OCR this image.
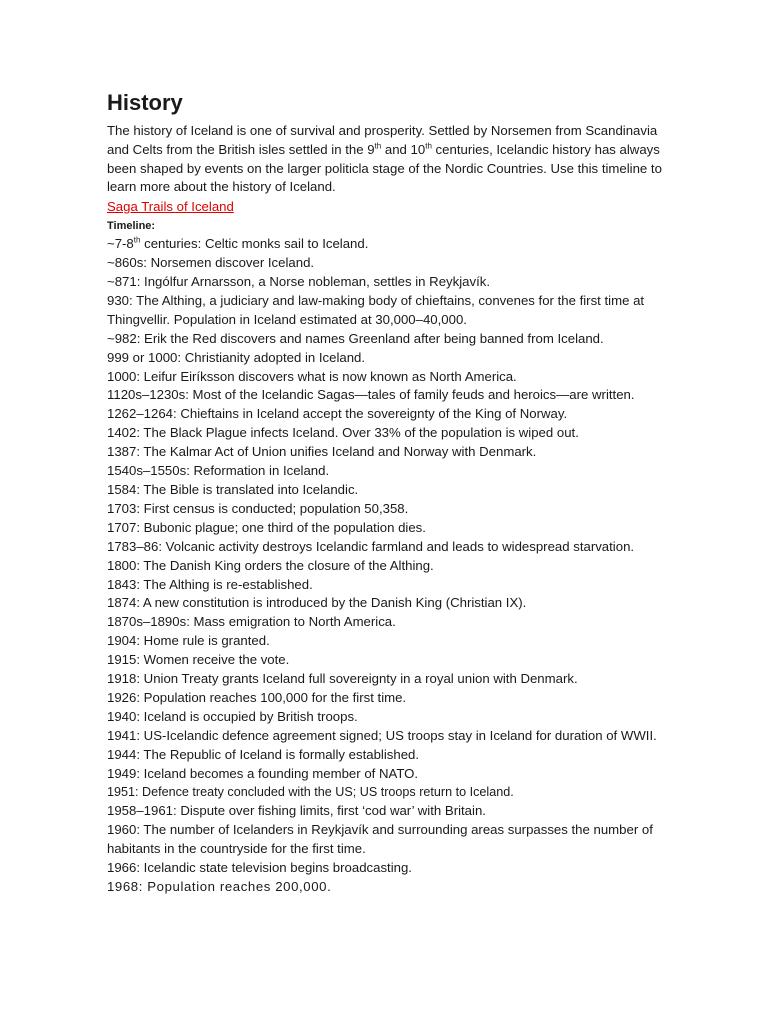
History

The history of Iceland is one of survival and prosperity. Settled by Norsemen from Scandinavia and Celts from the British isles settled in the 9th and 10th centuries, Icelandic history has always been shaped by events on the larger politicla stage of the Nordic Countries. Use this timeline to learn more about the history of Iceland.

Saga Trails of Iceland
Timeline:
~7-8th centuries: Celtic monks sail to Iceland.
~860s: Norsemen discover Iceland.
~871: Ingólfur Arnarsson, a Norse nobleman, settles in Reykjavík.
930: The Althing, a judiciary and law-making body of chieftains, convenes for the first time at Thingvellir. Population in Iceland estimated at 30,000–40,000.
~982: Erik the Red discovers and names Greenland after being banned from Iceland.
999 or 1000: Christianity adopted in Iceland.
1000: Leifur Eiríksson discovers what is now known as North America.
1120s–1230s: Most of the Icelandic Sagas—tales of family feuds and heroics—are written.
1262–1264: Chieftains in Iceland accept the sovereignty of the King of Norway.
1402: The Black Plague infects Iceland. Over 33% of the population is wiped out.
1387: The Kalmar Act of Union unifies Iceland and Norway with Denmark.
1540s–1550s: Reformation in Iceland.
1584: The Bible is translated into Icelandic.
1703: First census is conducted; population 50,358.
1707: Bubonic plague; one third of the population dies.
1783–86: Volcanic activity destroys Icelandic farmland and leads to widespread starvation.
1800: The Danish King orders the closure of the Althing.
1843: The Althing is re-established.
1874: A new constitution is introduced by the Danish King (Christian IX).
1870s–1890s: Mass emigration to North America.
1904: Home rule is granted.
1915: Women receive the vote.
1918: Union Treaty grants Iceland full sovereignty in a royal union with Denmark.
1926: Population reaches 100,000 for the first time.
1940: Iceland is occupied by British troops.
1941: US-Icelandic defence agreement signed; US troops stay in Iceland for duration of WWII.
1944: The Republic of Iceland is formally established.
1949: Iceland becomes a founding member of NATO.
1951: Defence treaty concluded with the US; US troops return to Iceland.
1958–1961: Dispute over fishing limits, first ‘cod war’ with Britain.
1960: The number of Icelanders in Reykjavík and surrounding areas surpasses the number of habitants in the countryside for the first time.
1966: Icelandic state television begins broadcasting.
1968: Population reaches 200,000.
